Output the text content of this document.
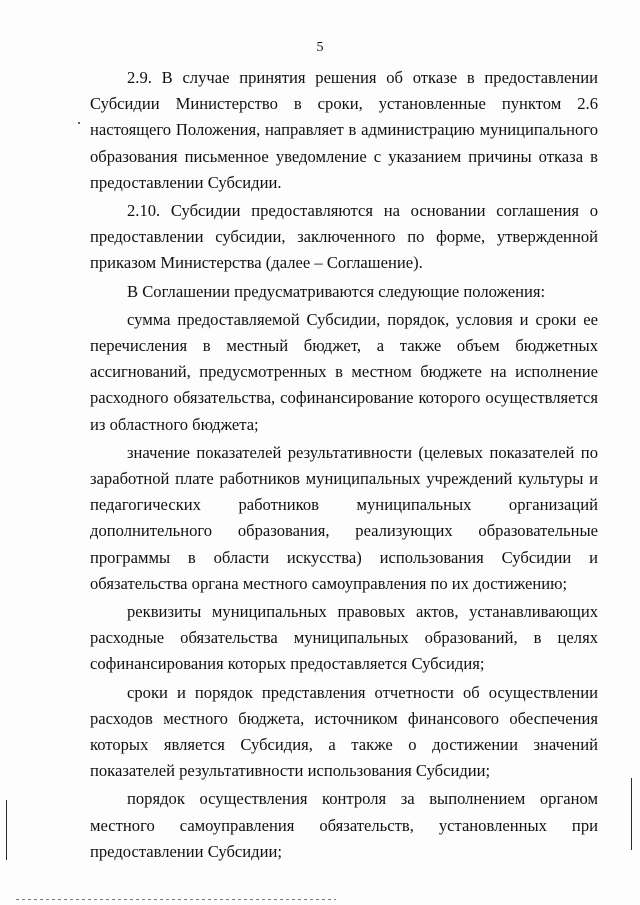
5

2.9. В случае принятия решения об отказе в предоставлении Субсидии Министерство в сроки, установленные пунктом 2.6 настоящего Положения, направляет в администрацию муниципального образования письменное уведомление с указанием причины отказа в предоставлении Субсидии.

2.10. Субсидии предоставляются на основании соглашения о предоставлении субсидии, заключенного по форме, утвержденной приказом Министерства (далее – Соглашение).

В Соглашении предусматриваются следующие положения:

сумма предоставляемой Субсидии, порядок, условия и сроки ее перечисления в местный бюджет, а также объем бюджетных ассигнований, предусмотренных в местном бюджете на исполнение расходного обязательства, софинансирование которого осуществляется из областного бюджета;

значение показателей результативности (целевых показателей по заработной плате работников муниципальных учреждений культуры и педагогических работников муниципальных организаций дополнительного образования, реализующих образовательные программы в области искусства) использования Субсидии и обязательства органа местного самоуправления по их достижению;

реквизиты муниципальных правовых актов, устанавливающих расходные обязательства муниципальных образований, в целях софинансирования которых предоставляется Субсидия;

сроки и порядок представления отчетности об осуществлении расходов местного бюджета, источником финансового обеспечения которых является Субсидия, а также о достижении значений показателей результативности использования Субсидии;

порядок осуществления контроля за выполнением органом местного самоуправления обязательств, установленных при предоставлении Субсидии;
